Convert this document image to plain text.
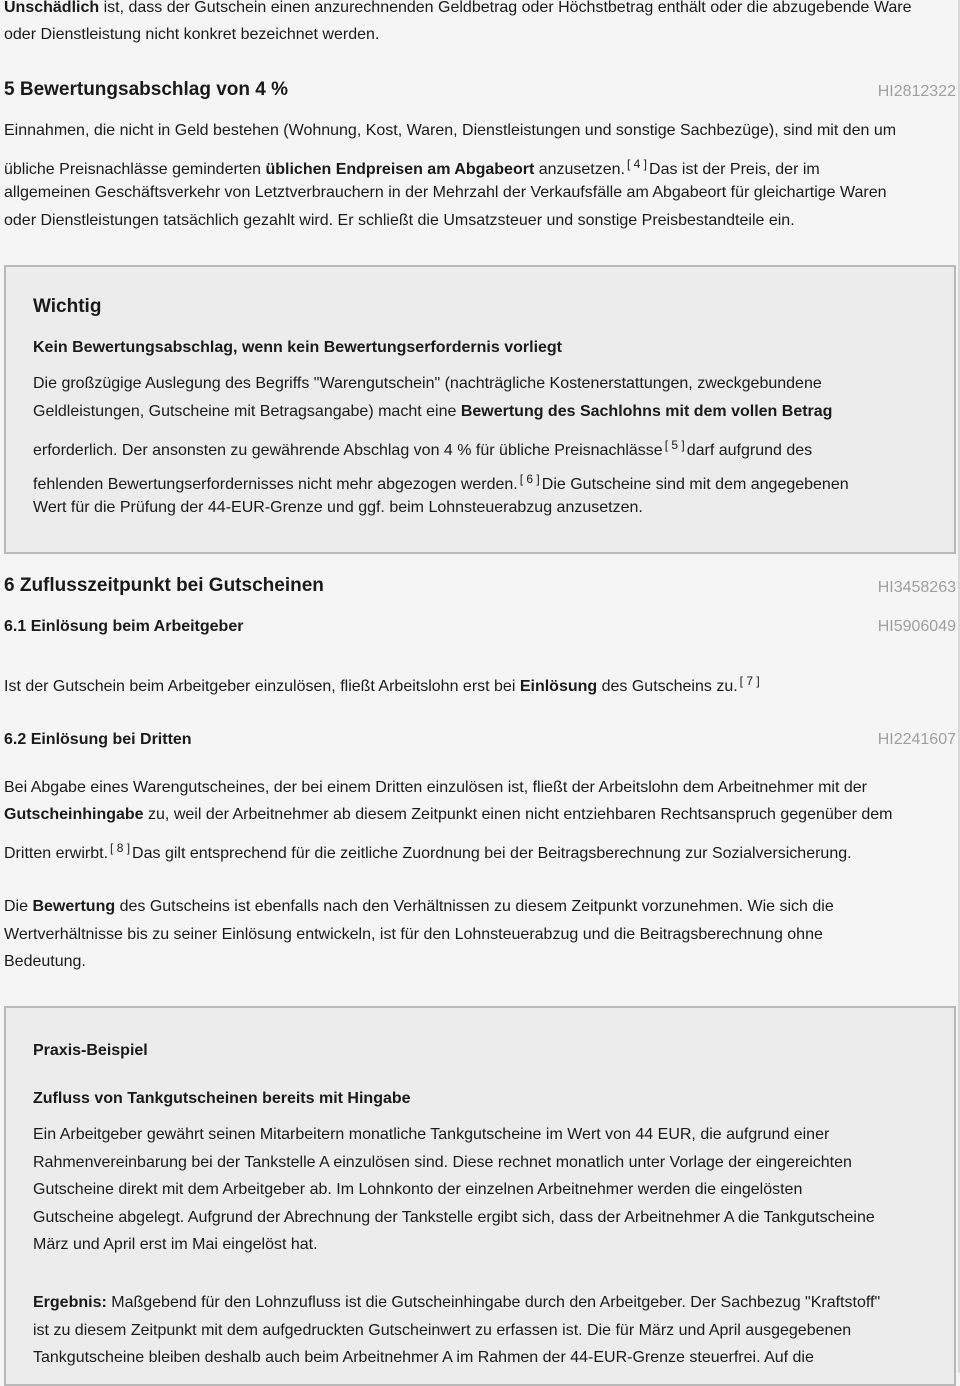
Unschädlich ist, dass der Gutschein einen anzurechnenden Geldbetrag oder Höchstbetrag enthält oder die abzugebende Ware

oder Dienstleistung nicht konkret bezeichnet werden.

5 Bewertungsabschlag von 4 %	HI2812322

Einnahmen, die nicht in Geld bestehen (Wohnung, Kost, Waren, Dienstleistungen und sonstige Sachbezüge), sind mit den um

übliche Preisnachlässe geminderten üblichen Endpreisen am Abgabeort anzusetzen. [ 4 ] Das ist der Preis, der im

allgemeinen Geschäftsverkehr von Letztverbrauchern in der Mehrzahl der Verkaufsfälle am Abgabeort für gleichartige Waren

oder Dienstleistungen tatsächlich gezahlt wird. Er schließt die Umsatzsteuer und sonstige Preisbestandteile ein.

Wichtig
Kein Bewertungsabschlag, wenn kein Bewertungserfordernis vorliegt

Die großzügige Auslegung des Begriffs "Warengutschein" (nachträgliche Kostenerstattungen, zweckgebundene

Geldleistungen, Gutscheine mit Betragsangabe) macht eine Bewertung des Sachlohns mit dem vollen Betrag

erforderlich. Der ansonsten zu gewährende Abschlag von 4 % für übliche Preisnachlässe [ 5 ] darf aufgrund des

fehlenden Bewertungserfordernisses nicht mehr abgezogen werden. [ 6 ] Die Gutscheine sind mit dem angegebenen

Wert für die Prüfung der 44-EUR-Grenze und ggf. beim Lohnsteuerabzug anzusetzen.

6 Zuflusszeitpunkt bei Gutscheinen	HI3458263
6.1 Einlösung beim Arbeitgeber	HI5906049

Ist der Gutschein beim Arbeitgeber einzulösen, fließt Arbeitslohn erst bei Einlösung des Gutscheins zu. [ 7 ]

6.2 Einlösung bei Dritten	HI2241607

Bei Abgabe eines Warengutscheines, der bei einem Dritten einzulösen ist, fließt der Arbeitslohn dem Arbeitnehmer mit der

Gutscheinhingabe zu, weil der Arbeitnehmer ab diesem Zeitpunkt einen nicht entziehbaren Rechtsanspruch gegenüber dem

Dritten erwirbt. [ 8 ] Das gilt entsprechend für die zeitliche Zuordnung bei der Beitragsberechnung zur Sozialversicherung.

Die Bewertung des Gutscheins ist ebenfalls nach den Verhältnissen zu diesem Zeitpunkt vorzunehmen. Wie sich die

Wertverhältnisse bis zu seiner Einlösung entwickeln, ist für den Lohnsteuerabzug und die Beitragsberechnung ohne

Bedeutung.

Praxis-Beispiel
Zufluss von Tankgutscheinen bereits mit Hingabe

Ein Arbeitgeber gewährt seinen Mitarbeitern monatliche Tankgutscheine im Wert von 44 EUR, die aufgrund einer

Rahmenvereinbarung bei der Tankstelle A einzulösen sind. Diese rechnet monatlich unter Vorlage der eingereichten

Gutscheine direkt mit dem Arbeitgeber ab. Im Lohnkonto der einzelnen Arbeitnehmer werden die eingelösten

Gutscheine abgelegt. Aufgrund der Abrechnung der Tankstelle ergibt sich, dass der Arbeitnehmer A die Tankgutscheine

März und April erst im Mai eingelöst hat.

Ergebnis: Maßgebend für den Lohnzufluss ist die Gutscheinhingabe durch den Arbeitgeber. Der Sachbezug "Kraftstoff"

ist zu diesem Zeitpunkt mit dem aufgedruckten Gutscheinwert zu erfassen ist. Die für März und April ausgegebenen

Tankgutscheine bleiben deshalb auch beim Arbeitnehmer A im Rahmen der 44-EUR-Grenze steuerfrei. Auf die
